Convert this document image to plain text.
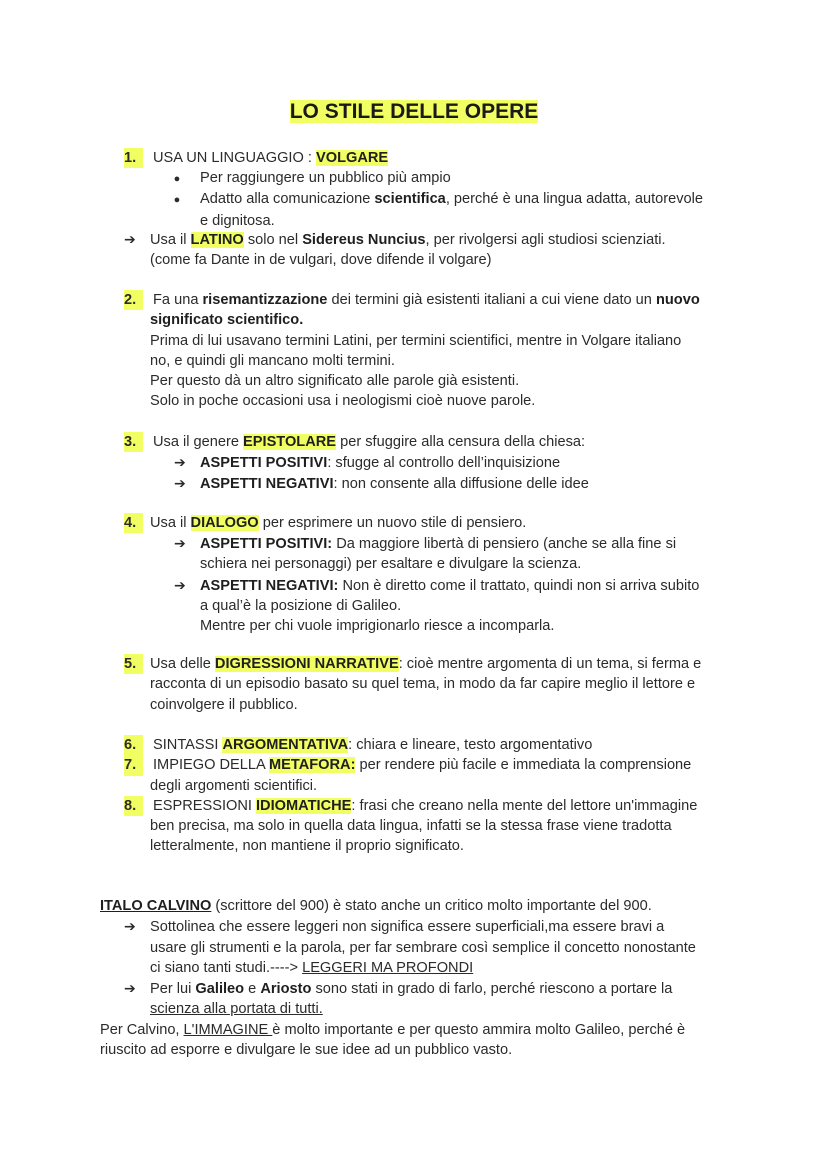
LO STILE DELLE OPERE
1. USA UN LINGUAGGIO : VOLGARE
● Per raggiungere un pubblico più ampio
● Adatto alla comunicazione scientifica, perché è una lingua adatta, autorevole
e dignitosa.
➔ Usa il LATINO solo nel Sidereus Nuncius, per rivolgersi agli studiosi scienziati.
(come fa Dante in de vulgari, dove difende il volgare)
2. Fa una risemantizzazione dei termini già esistenti italiani a cui viene dato un nuovo
significato scientifico.
Prima di lui usavano termini Latini, per termini scientifici, mentre in Volgare italiano
no, e quindi gli mancano molti termini.
Per questo dà un altro significato alle parole già esistenti.
Solo in poche occasioni usa i neologismi cioè nuove parole.
3. Usa il genere EPISTOLARE per sfuggire alla censura della chiesa:
➔ ASPETTI POSITIVI: sfugge al controllo dell’inquisizione
➔ ASPETTI NEGATIVI: non consente alla diffusione delle idee
4. Usa il DIALOGO per esprimere un nuovo stile di pensiero.
➔ ASPETTI POSITIVI: Da maggiore libertà di pensiero (anche se alla fine si
schiera nei personaggi) per esaltare e divulgare la scienza.
➔ ASPETTI NEGATIVI: Non è diretto come il trattato, quindi non si arriva subito
a qual’è la posizione di Galileo.
Mentre per chi vuole imprigionarlo riesce a incomparla.
5. Usa delle DIGRESSIONI NARRATIVE: cioè mentre argomenta di un tema, si ferma e
racconta di un episodio basato su quel tema, in modo da far capire meglio il lettore e
coinvolgere il pubblico.
6. SINTASSI ARGOMENTATIVA: chiara e lineare, testo argomentativo
7. IMPIEGO DELLA METAFORA: per rendere più facile e immediata la comprensione
degli argomenti scientifici.
8. ESPRESSIONI IDIOMATICHE: frasi che creano nella mente del lettore un'immagine
ben precisa, ma solo in quella data lingua, infatti se la stessa frase viene tradotta
letteralmente, non mantiene il proprio significato.
ITALO CALVINO (scrittore del 900) è stato anche un critico molto importante del 900.
➔ Sottolinea che essere leggeri non significa essere superficiali,ma essere bravi a
usare gli strumenti e la parola, per far sembrare così semplice il concetto nonostante
ci siano tanti studi.----> LEGGERI MA PROFONDI
➔ Per lui Galileo e Ariosto sono stati in grado di farlo, perché riescono a portare la
scienza alla portata di tutti.
Per Calvino, L'IMMAGINE è molto importante e per questo ammira molto Galileo, perché è
riuscito ad esporre e divulgare le sue idee ad un pubblico vasto.
